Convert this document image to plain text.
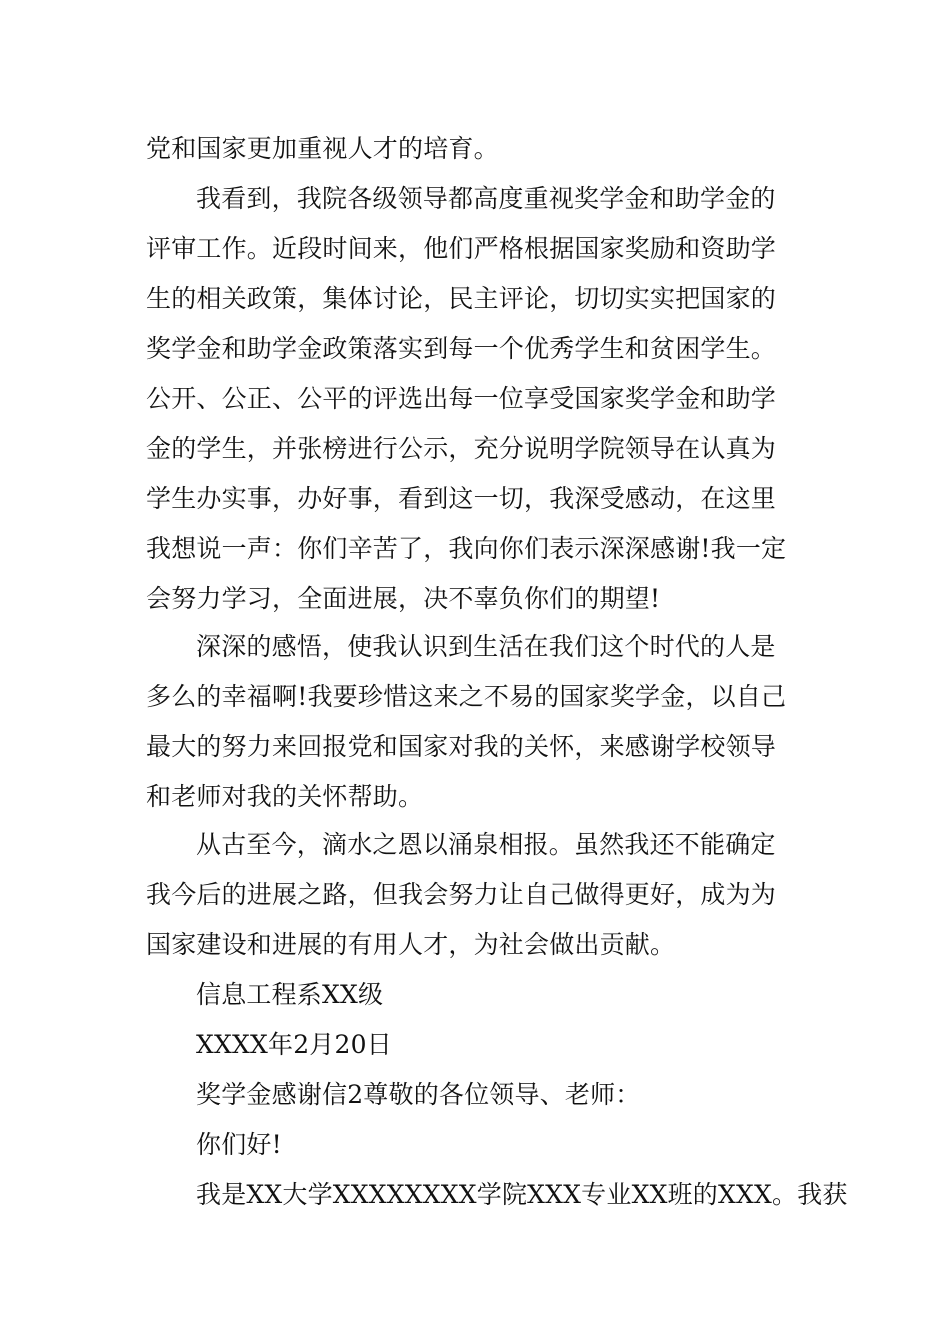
党和国家更加重视人才的培育。
我看到，我院各级领导都高度重视奖学金和助学金的
评审工作。近段时间来，他们严格根据国家奖励和资助学
生的相关政策，集体讨论，民主评论，切切实实把国家的
奖学金和助学金政策落实到每一个优秀学生和贫困学生。
公开、公正、公平的评选出每一位享受国家奖学金和助学
金的学生，并张榜进行公示，充分说明学院领导在认真为
学生办实事，办好事，看到这一切，我深受感动，在这里
我想说一声：你们辛苦了，我向你们表示深深感谢!我一定
会努力学习，全面进展，决不辜负你们的期望!
深深的感悟，使我认识到生活在我们这个时代的人是
多么的幸福啊!我要珍惜这来之不易的国家奖学金，以自己
最大的努力来回报党和国家对我的关怀，来感谢学校领导
和老师对我的关怀帮助。
从古至今，滴水之恩以涌泉相报。虽然我还不能确定
我今后的进展之路，但我会努力让自己做得更好，成为为
国家建设和进展的有用人才，为社会做出贡献。
信息工程系XX级
XXXX年2月20日
奖学金感谢信2尊敬的各位领导、老师：
你们好!
我是XX大学XXXXXXXX学院XXX专业XX班的XXX。我获
